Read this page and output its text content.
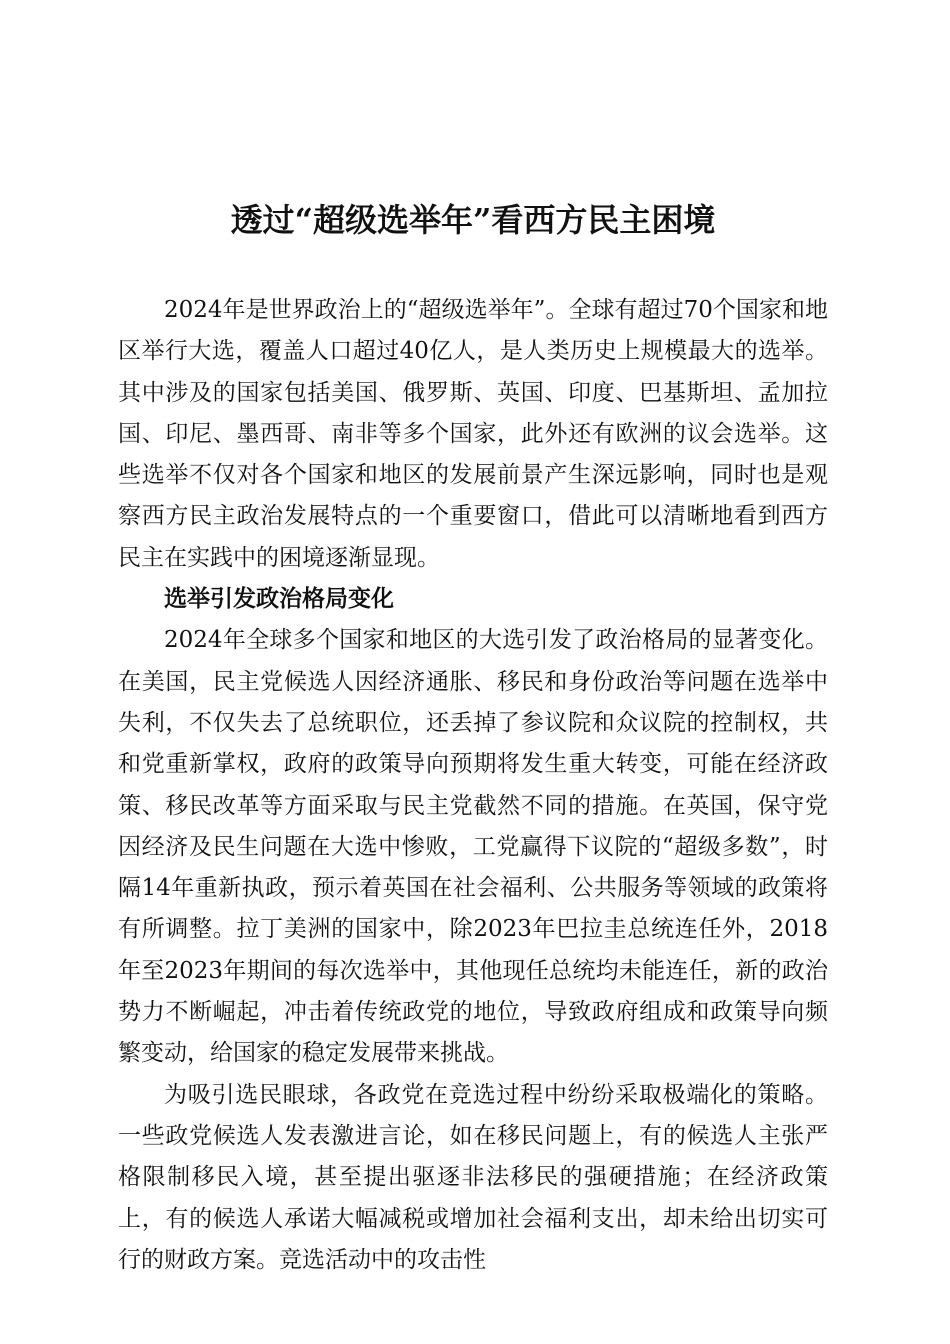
透过“超级选举年”看西方民主困境

2024年是世界政治上的“超级选举年”。全球有超过70个国家和地区举行大选，覆盖人口超过40亿人，是人类历史上规模最大的选举。其中涉及的国家包括美国、俄罗斯、英国、印度、巴基斯坦、孟加拉国、印尼、墨西哥、南非等多个国家，此外还有欧洲的议会选举。这些选举不仅对各个国家和地区的发展前景产生深远影响，同时也是观察西方民主政治发展特点的一个重要窗口，借此可以清晰地看到西方民主在实践中的困境逐渐显现。

选举引发政治格局变化

2024年全球多个国家和地区的大选引发了政治格局的显著变化。在美国，民主党候选人因经济通胀、移民和身份政治等问题在选举中失利，不仅失去了总统职位，还丢掉了参议院和众议院的控制权，共和党重新掌权，政府的政策导向预期将发生重大转变，可能在经济政策、移民改革等方面采取与民主党截然不同的措施。在英国，保守党因经济及民生问题在大选中惨败，工党赢得下议院的“超级多数”，时隔14年重新执政，预示着英国在社会福利、公共服务等领域的政策将有所调整。拉丁美洲的国家中，除2023年巴拉圭总统连任外，2018年至2023年期间的每次选举中，其他现任总统均未能连任，新的政治势力不断崛起，冲击着传统政党的地位，导致政府组成和政策导向频繁变动，给国家的稳定发展带来挑战。

为吸引选民眼球，各政党在竞选过程中纷纷采取极端化的策略。一些政党候选人发表激进言论，如在移民问题上，有的候选人主张严格限制移民入境，甚至提出驱逐非法移民的强硬措施；在经济政策上，有的候选人承诺大幅减税或增加社会福利支出，却未给出切实可行的财政方案。竞选活动中的攻击性
